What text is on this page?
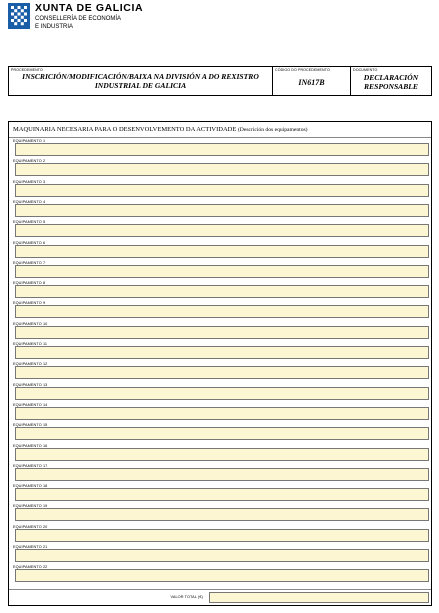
XUNTA DE GALICIA
CONSELLERÍA DE ECONOMÍA
E INDUSTRIA
PROCEDEMENTO
INSCRICIÓN/MODIFICACIÓN/BAIXA NA DIVISIÓN A DO REXISTRO INDUSTRIAL DE GALICIA
CÓDIGO DO PROCEDEMENTO
IN617B
DOCUMENTO
DECLARACIÓN
RESPONSABLE
MAQUINARIA NECESARIA PARA O DESENVOLVEMENTO DA ACTIVIDADE (Descrición dos equipamentos)
EQUIPAMENTO 1
EQUIPAMENTO 2
EQUIPAMENTO 3
EQUIPAMENTO 4
EQUIPAMENTO 5
EQUIPAMENTO 6
EQUIPAMENTO 7
EQUIPAMENTO 8
EQUIPAMENTO 9
EQUIPAMENTO 10
EQUIPAMENTO 11
EQUIPAMENTO 12
EQUIPAMENTO 13
EQUIPAMENTO 14
EQUIPAMENTO 15
EQUIPAMENTO 16
EQUIPAMENTO 17
EQUIPAMENTO 18
EQUIPAMENTO 19
EQUIPAMENTO 20
EQUIPAMENTO 21
EQUIPAMENTO 22
VALOR TOTAL (€)
